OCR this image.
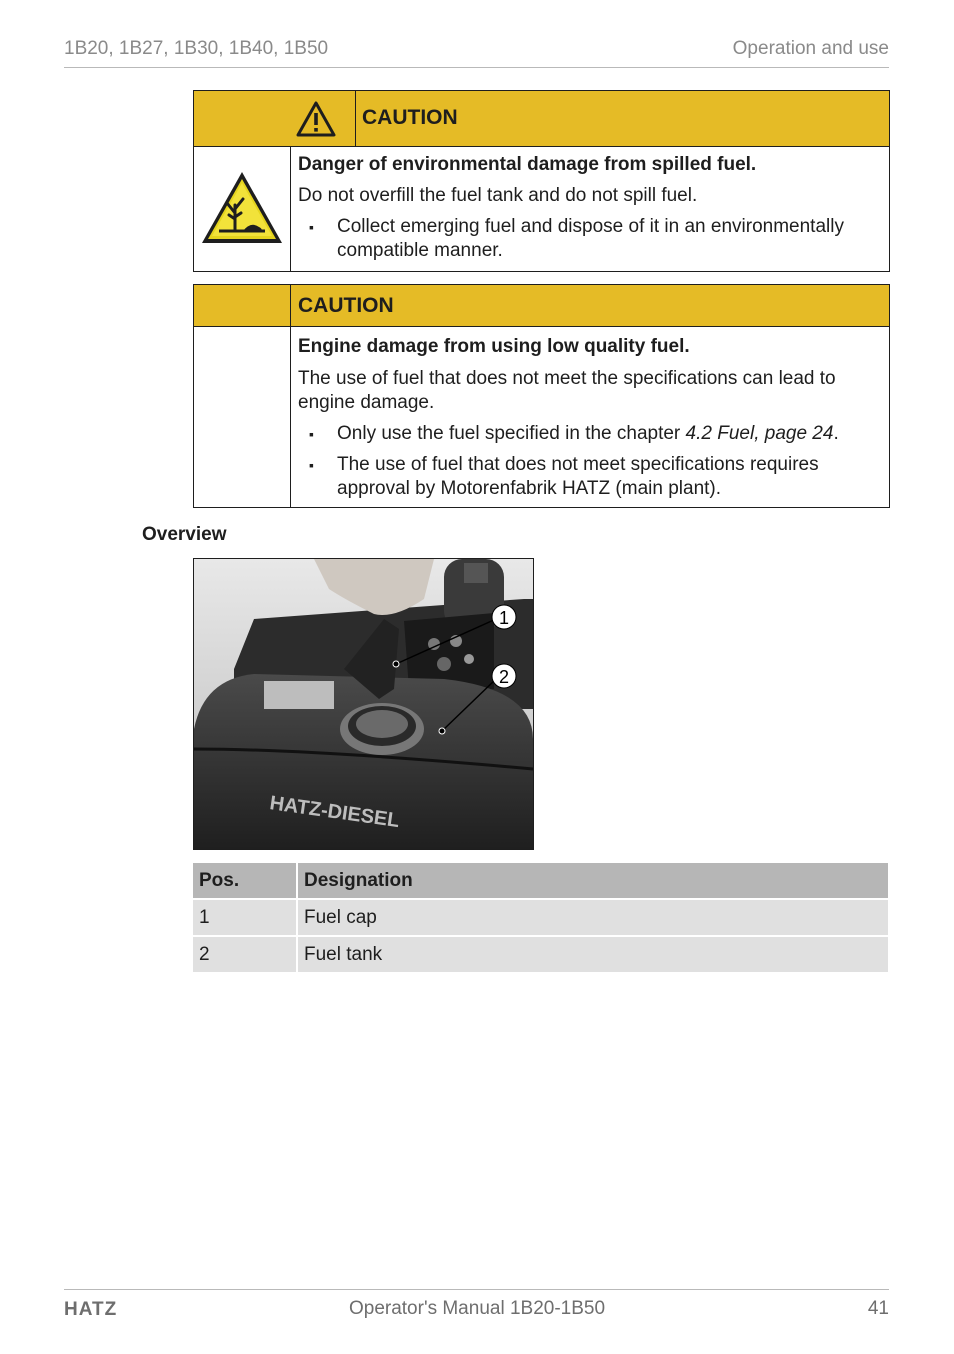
1B20, 1B27, 1B30, 1B40, 1B50	Operation and use
CAUTION

Danger of environmental damage from spilled fuel.

Do not overfill the fuel tank and do not spill fuel.

▪ Collect emerging fuel and dispose of it in an environmentally compatible manner.
CAUTION

Engine damage from using low quality fuel.

The use of fuel that does not meet the specifications can lead to engine damage.

▪ Only use the fuel specified in the chapter 4.2 Fuel, page 24.
▪ The use of fuel that does not meet specifications requires approval by Motorenfabrik HATZ (main plant).
Overview
HATZ-DIESEL
1
2
Pos.	Designation
1	Fuel cap
2	Fuel tank
HATZ	Operator's Manual 1B20-1B50	41
